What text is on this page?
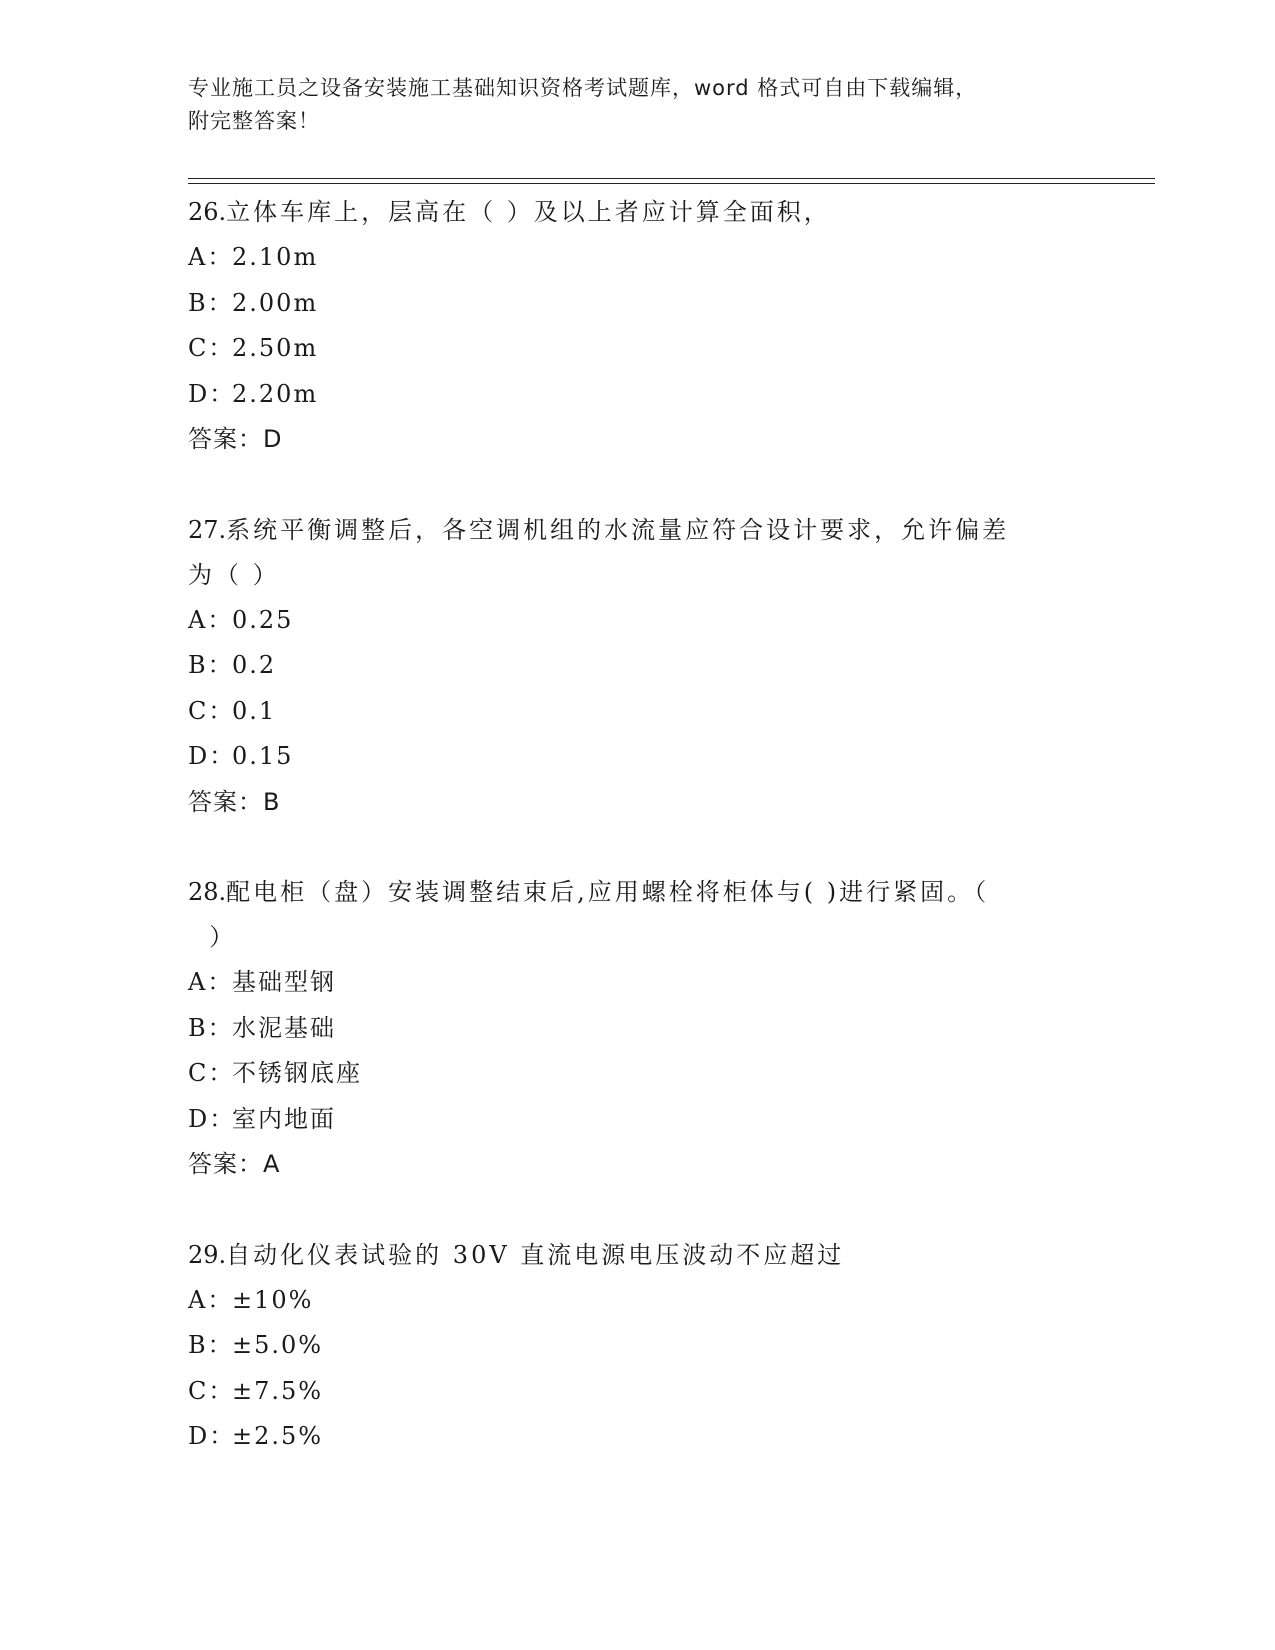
专业施工员之设备安装施工基础知识资格考试题库，word 格式可自由下载编辑，
附完整答案！
26.立体车库上，层高在（ ）及以上者应计算全面积，
A：
2.10m
B：
2.00m
C：
2.50m
D：
2.20m
答案：D
27.系统平衡调整后，各空调机组的水流量应符合设计要求，允许偏差
为（ ）
A：
0.25
B：
0.2
C：
0.1
D：
0.15
答案：B
28.配电柜（盘）安装调整结束后,应用螺栓将柜体与( )进行紧固。（
）
A：
基础型钢
B：
水泥基础
C：
不锈钢底座
D：
室内地面
答案：A
29.自动化仪表试验的 30V 直流电源电压波动不应超过
A：
±10%
B：
±5.0%
C：
±7.5%
D：
±2.5%
